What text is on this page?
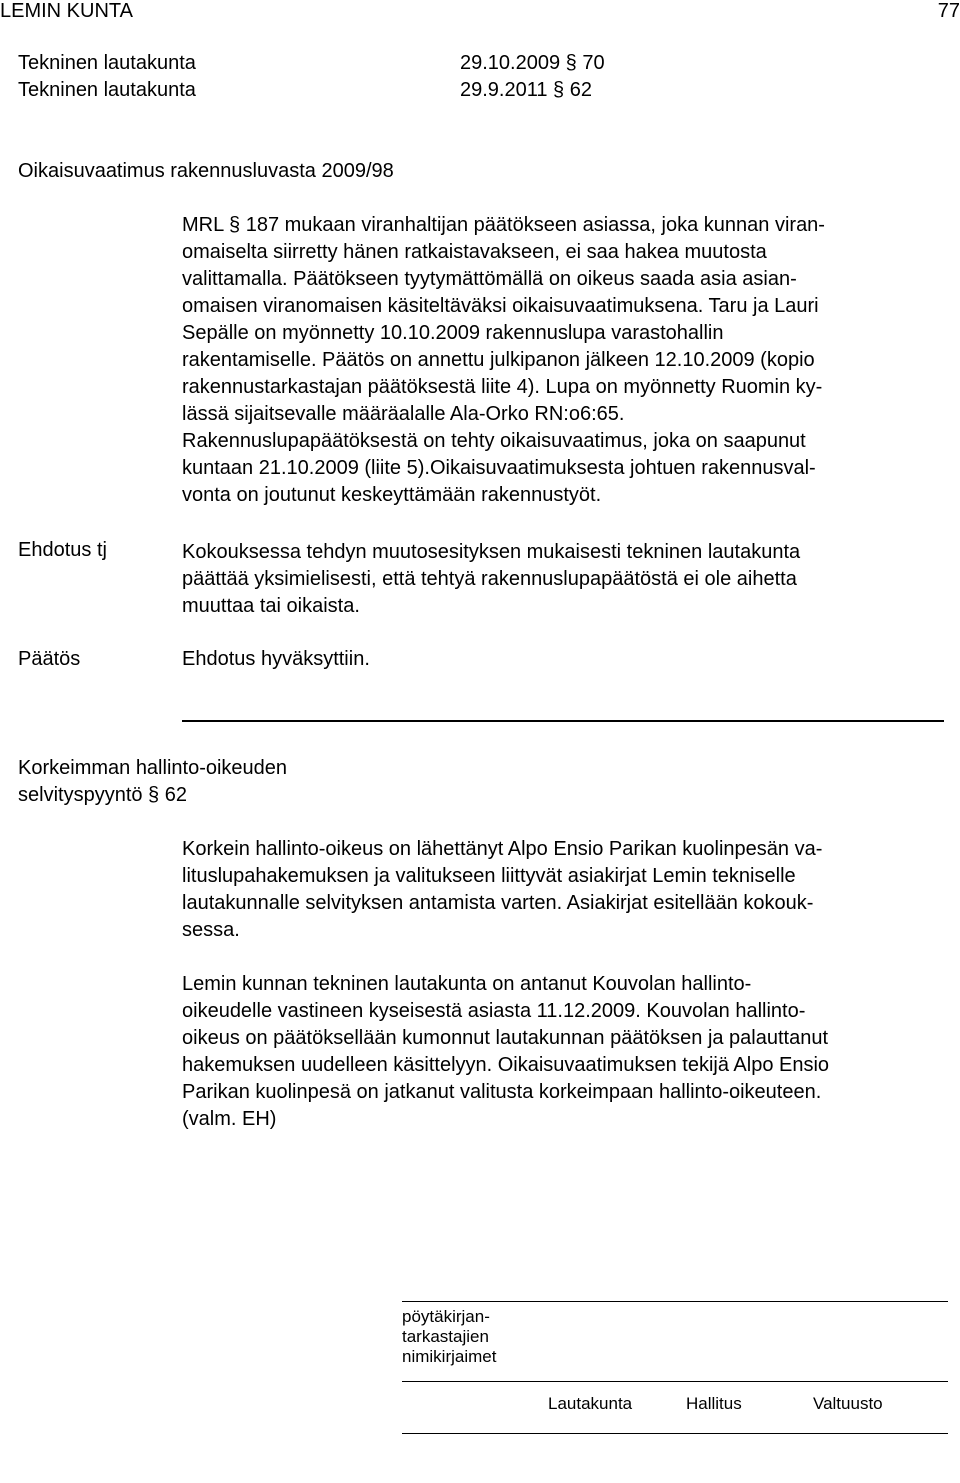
LEMIN KUNTA	77
Tekninen lautakunta	29.10.2009 § 70
Tekninen lautakunta	29.9.2011 § 62
Oikaisuvaatimus rakennusluvasta 2009/98
MRL § 187 mukaan viranhaltijan päätökseen asiassa, joka kunnan viran-
omaiselta siirretty hänen ratkaistavakseen, ei saa hakea muutosta
valittamalla. Päätökseen tyytymättömällä on oikeus saada asia asian-
omaisen viranomaisen käsiteltäväksi oikaisuvaatimuksena. Taru ja Lauri
Sepälle on myönnetty 10.10.2009 rakennuslupa varastohallin
rakentamiselle. Päätös on annettu julkipanon jälkeen 12.10.2009 (kopio
rakennustarkastajan päätöksestä liite 4). Lupa on myönnetty Ruomin ky-
lässä sijaitsevalle määräalalle Ala-Orko RN:o6:65.
Rakennuslupapäätöksestä on tehty oikaisuvaatimus, joka on saapunut
kuntaan 21.10.2009 (liite 5).Oikaisuvaatimuksesta johtuen rakennusval-
vonta on joutunut keskeyttämään rakennustyöt.
Ehdotus tj	Kokouksessa tehdyn muutosesityksen mukaisesti tekninen lautakunta
päättää yksimielisesti, että tehtyä rakennuslupapäätöstä ei ole aihetta
muuttaa tai oikaista.
Päätös	Ehdotus hyväksyttiin.
Korkeimman hallinto-oikeuden
selvityspyyntö § 62
Korkein hallinto-oikeus on lähettänyt Alpo Ensio Parikan kuolinpesän va-
lituslupahakemuksen ja valitukseen liittyvät asiakirjat Lemin tekniselle
lautakunnalle selvityksen antamista varten. Asiakirjat esitellään kokouk-
sessa.
Lemin kunnan tekninen lautakunta on antanut Kouvolan hallinto-
oikeudelle vastineen kyseisestä asiasta 11.12.2009. Kouvolan hallinto-
oikeus on päätöksellään kumonnut lautakunnan päätöksen ja palauttanut
hakemuksen uudelleen käsittelyyn. Oikaisuvaatimuksen tekijä Alpo Ensio
Parikan kuolinpesä on jatkanut valitusta korkeimpaan hallinto-oikeuteen.
(valm. EH)
pöytäkirjan-
tarkastajien
nimikirjaimet
Lautakunta	Hallitus	Valtuusto
